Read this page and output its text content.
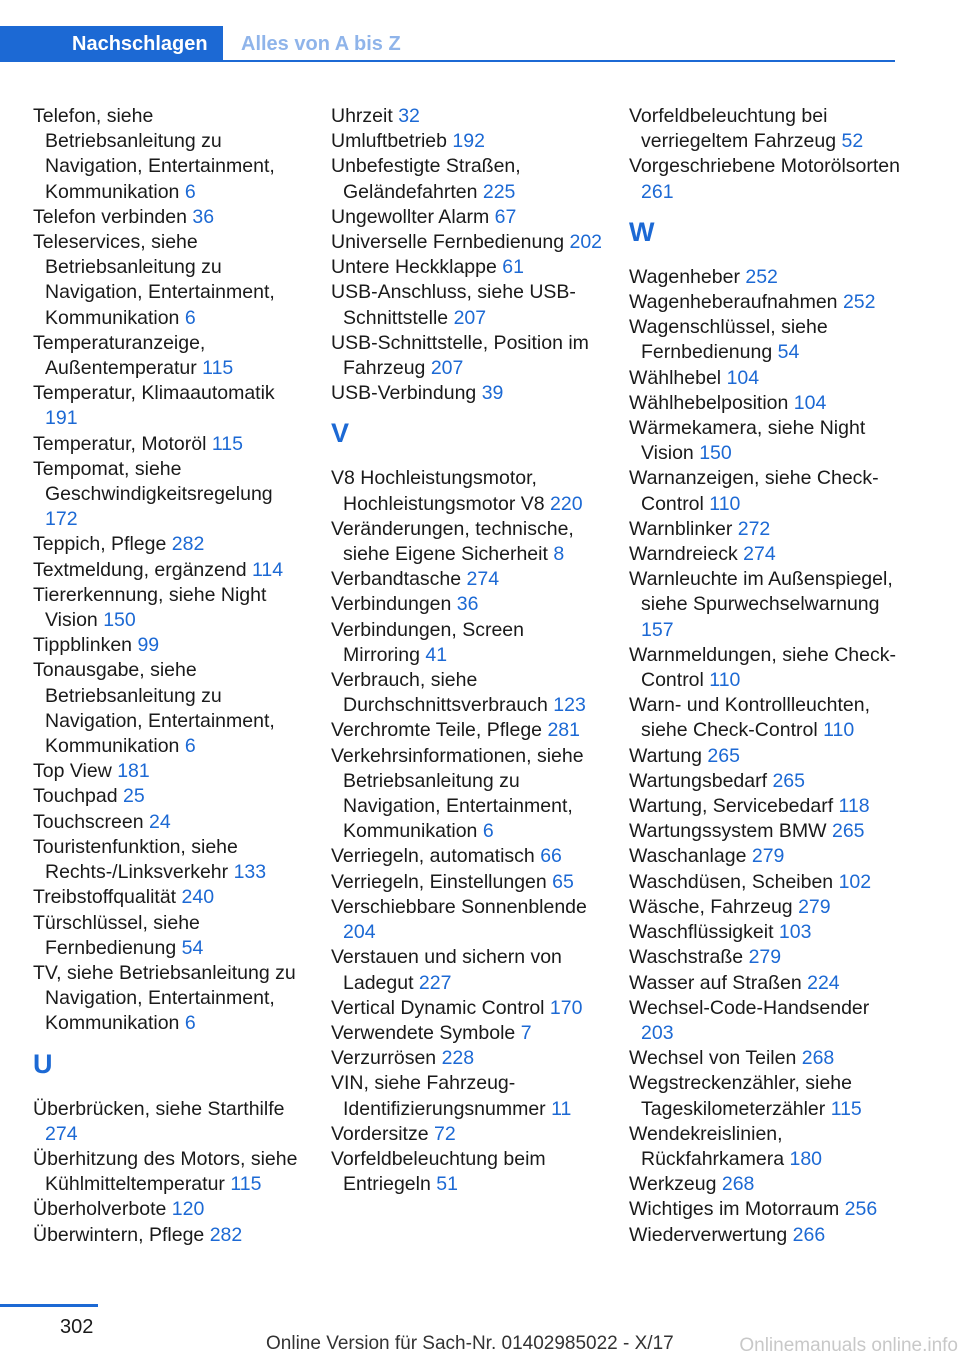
Nachschlagen	Alles von A bis Z
Telefon, siehe Betriebsanleitung zu Navigation, Entertainment, Kommunikation 6
Telefon verbinden 36
Teleservices, siehe Betriebsanleitung zu Navigation, Entertainment, Kommunikation 6
Temperaturanzeige, Außentemperatur 115
Temperatur, Klimaautomatik 191
Temperatur, Motoröl 115
Tempomat, siehe Geschwindigkeitsregelung 172
Teppich, Pflege 282
Textmeldung, ergänzend 114
Tiererkennung, siehe Night Vision 150
Tippblinken 99
Tonausgabe, siehe Betriebsanleitung zu Navigation, Entertainment, Kommunikation 6
Top View 181
Touchpad 25
Touchscreen 24
Touristenfunktion, siehe Rechts-/Linksverkehr 133
Treibstoffqualität 240
Türschlüssel, siehe Fernbedienung 54
TV, siehe Betriebsanleitung zu Navigation, Entertainment, Kommunikation 6
U
Überbrücken, siehe Starthilfe 274
Überhitzung des Motors, siehe Kühlmitteltemperatur 115
Überholverbote 120
Überwintern, Pflege 282
Uhrzeit 32
Umluftbetrieb 192
Unbefestigte Straßen, Geländefahrten 225
Ungewollter Alarm 67
Universelle Fernbedienung 202
Untere Heckklappe 61
USB-Anschluss, siehe USB-Schnittstelle 207
USB-Schnittstelle, Position im Fahrzeug 207
USB-Verbindung 39
V
V8 Hochleistungsmotor, Hochleistungsmotor V8 220
Veränderungen, technische, siehe Eigene Sicherheit 8
Verbandtasche 274
Verbindungen 36
Verbindungen, Screen Mirroring 41
Verbrauch, siehe Durchschnittsverbrauch 123
Verchromte Teile, Pflege 281
Verkehrsinformationen, siehe Betriebsanleitung zu Navigation, Entertainment, Kommunikation 6
Verriegeln, automatisch 66
Verriegeln, Einstellungen 65
Verschiebbare Sonnenblende 204
Verstauen und sichern von Ladegut 227
Vertical Dynamic Control 170
Verwendete Symbole 7
Verzurrösen 228
VIN, siehe Fahrzeug-Identifizierungsnummer 11
Vordersitze 72
Vorfeldbeleuchtung beim Entriegeln 51
Vorfeldbeleuchtung bei verriegeltem Fahrzeug 52
Vorgeschriebene Motorölsorten 261
W
Wagenheber 252
Wagenheberaufnahmen 252
Wagenschlüssel, siehe Fernbedienung 54
Wählhebel 104
Wählhebelposition 104
Wärmekamera, siehe Night Vision 150
Warnanzeigen, siehe Check-Control 110
Warnblinker 272
Warndreieck 274
Warnleuchte im Außenspiegel, siehe Spurwechselwarnung 157
Warnmeldungen, siehe Check-Control 110
Warn- und Kontrollleuchten, siehe Check-Control 110
Wartung 265
Wartungsbedarf 265
Wartung, Servicebedarf 118
Wartungssystem BMW 265
Waschanlage 279
Waschdüsen, Scheiben 102
Wäsche, Fahrzeug 279
Waschflüssigkeit 103
Waschstraße 279
Wasser auf Straßen 224
Wechsel-Code-Handsender 203
Wechsel von Teilen 268
Wegstreckenzähler, siehe Tageskilometerzähler 115
Wendekreislinien, Rückfahrkamera 180
Werkzeug 268
Wichtiges im Motorraum 256
Wiederverwertung 266
302
Online Version für Sach-Nr. 01402985022 - X/17	Onlinemanuals online.info
